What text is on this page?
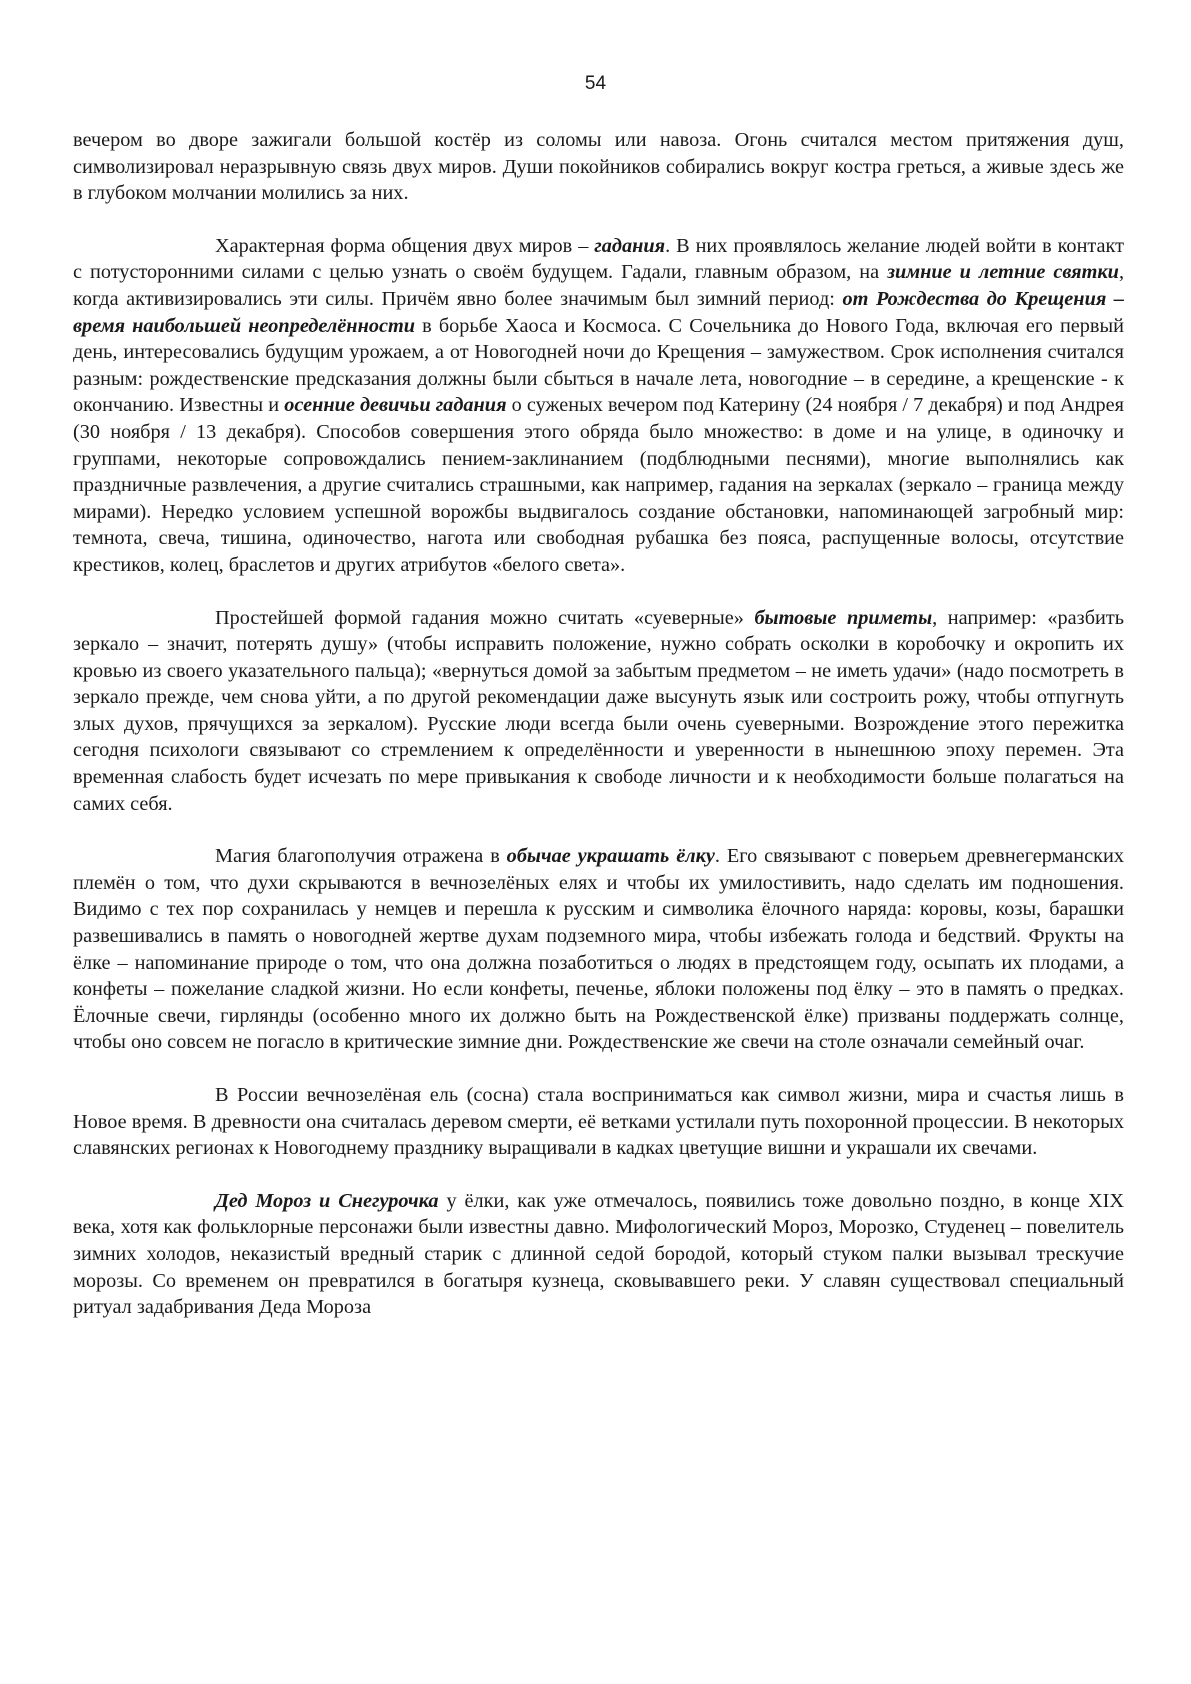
54

вечером во дворе зажигали большой костёр из соломы или навоза. Огонь считался местом притяжения душ, символизировал неразрывную связь двух миров. Души покойников собирались вокруг костра греться, а живые здесь же в глубоком молчании молились за них.

Характерная форма общения двух миров – гадания. В них проявлялось желание людей войти в контакт с потусторонними силами с целью узнать о своём будущем. Гадали, главным образом, на зимние и летние святки, когда активизировались эти силы. Причём явно более значимым был зимний период: от Рождества до Крещения – время наибольшей неопределённости в борьбе Хаоса и Космоса. С Сочельника до Нового Года, включая его первый день, интересовались будущим урожаем, а от Новогодней ночи до Крещения – замужеством. Срок исполнения считался разным: рождественские предсказания должны были сбыться в начале лета, новогодние – в середине, а крещенские - к окончанию. Известны и осенние девичьи гадания о суженых вечером под Катерину (24 ноября / 7 декабря) и под Андрея (30 ноября / 13 декабря). Способов совершения этого обряда было множество: в доме и на улице, в одиночку и группами, некоторые сопровождались пением-заклинанием (подблюдными песнями), многие выполнялись как праздничные развлечения, а другие считались страшными, как например, гадания на зеркалах (зеркало – граница между мирами). Нередко условием успешной ворожбы выдвигалось создание обстановки, напоминающей загробный мир: темнота, свеча, тишина, одиночество, нагота или свободная рубашка без пояса, распущенные волосы, отсутствие крестиков, колец, браслетов и других атрибутов «белого света».

Простейшей формой гадания можно считать «суеверные» бытовые приметы, например: «разбить зеркало – значит, потерять душу» (чтобы исправить положение, нужно собрать осколки в коробочку и окропить их кровью из своего указательного пальца); «вернуться домой за забытым предметом – не иметь удачи» (надо посмотреть в зеркало прежде, чем снова уйти, а по другой рекомендации даже высунуть язык или состроить рожу, чтобы отпугнуть злых духов, прячущихся за зеркалом). Русские люди всегда были очень суеверными. Возрождение этого пережитка сегодня психологи связывают со стремлением к определённости и уверенности в нынешнюю эпоху перемен. Эта временная слабость будет исчезать по мере привыкания к свободе личности и к необходимости больше полагаться на самих себя.

Магия благополучия отражена в обычае украшать ёлку. Его связывают с поверьем древнегерманских племён о том, что духи скрываются в вечнозелёных елях и чтобы их умилостивить, надо сделать им подношения. Видимо с тех пор сохранилась у немцев и перешла к русским и символика ёлочного наряда: коровы, козы, барашки развешивались в память о новогодней жертве духам подземного мира, чтобы избежать голода и бедствий. Фрукты на ёлке – напоминание природе о том, что она должна позаботиться о людях в предстоящем году, осыпать их плодами, а конфеты – пожелание сладкой жизни. Но если конфеты, печенье, яблоки положены под ёлку – это в память о предках. Ёлочные свечи, гирлянды (особенно много их должно быть на Рождественской ёлке) призваны поддержать солнце, чтобы оно совсем не погасло в критические зимние дни. Рождественские же свечи на столе означали семейный очаг.

В России вечнозелёная ель (сосна) стала восприниматься как символ жизни, мира и счастья лишь в Новое время. В древности она считалась деревом смерти, её ветками устилали путь похоронной процессии. В некоторых славянских регионах к Новогоднему празднику выращивали в кадках цветущие вишни и украшали их свечами.

Дед Мороз и Снегурочка у ёлки, как уже отмечалось, появились тоже довольно поздно, в конце XIX века, хотя как фольклорные персонажи были известны давно. Мифологический Мороз, Морозко, Студенец – повелитель зимних холодов, неказистый вредный старик с длинной седой бородой, который стуком палки вызывал трескучие морозы. Со временем он превратился в богатыря кузнеца, сковывавшего реки. У славян существовал специальный ритуал задабривания Деда Мороза
